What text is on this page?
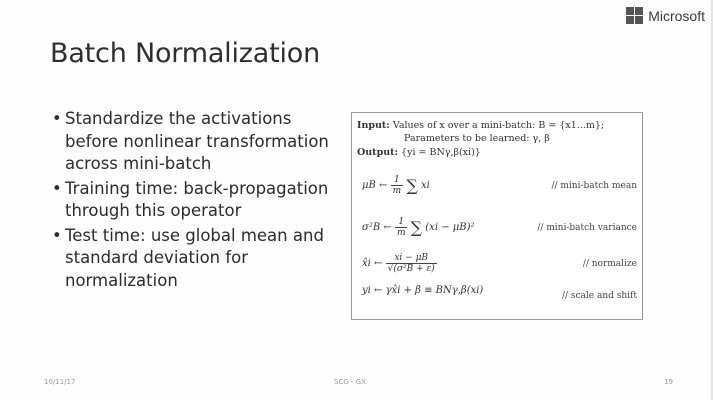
Microsoft
Batch Normalization
• Standardize the activations before nonlinear transformation across mini-batch
• Training time: back-propagation through this operator
• Test time: use global mean and standard deviation for normalization
Input: Values of x over a mini-batch: B = {x1...m};
Parameters to be learned: γ, β
Output: {yi = BNγ,β(xi)}
μB ← $\frac{1}{m}$ ∑ xi	// mini-batch mean
σ²B ← $\frac{1}{m}$ ∑ (xi − μB)²	// mini-batch variance
x̂i ← $\frac{xi - \mu B}{\text{√(σ²B + ε)}}$	// normalize
yi ← γx̂i + β ≡ BNγ,β(xi)	// scale and shift
10/11/17	SCG - GX	19
